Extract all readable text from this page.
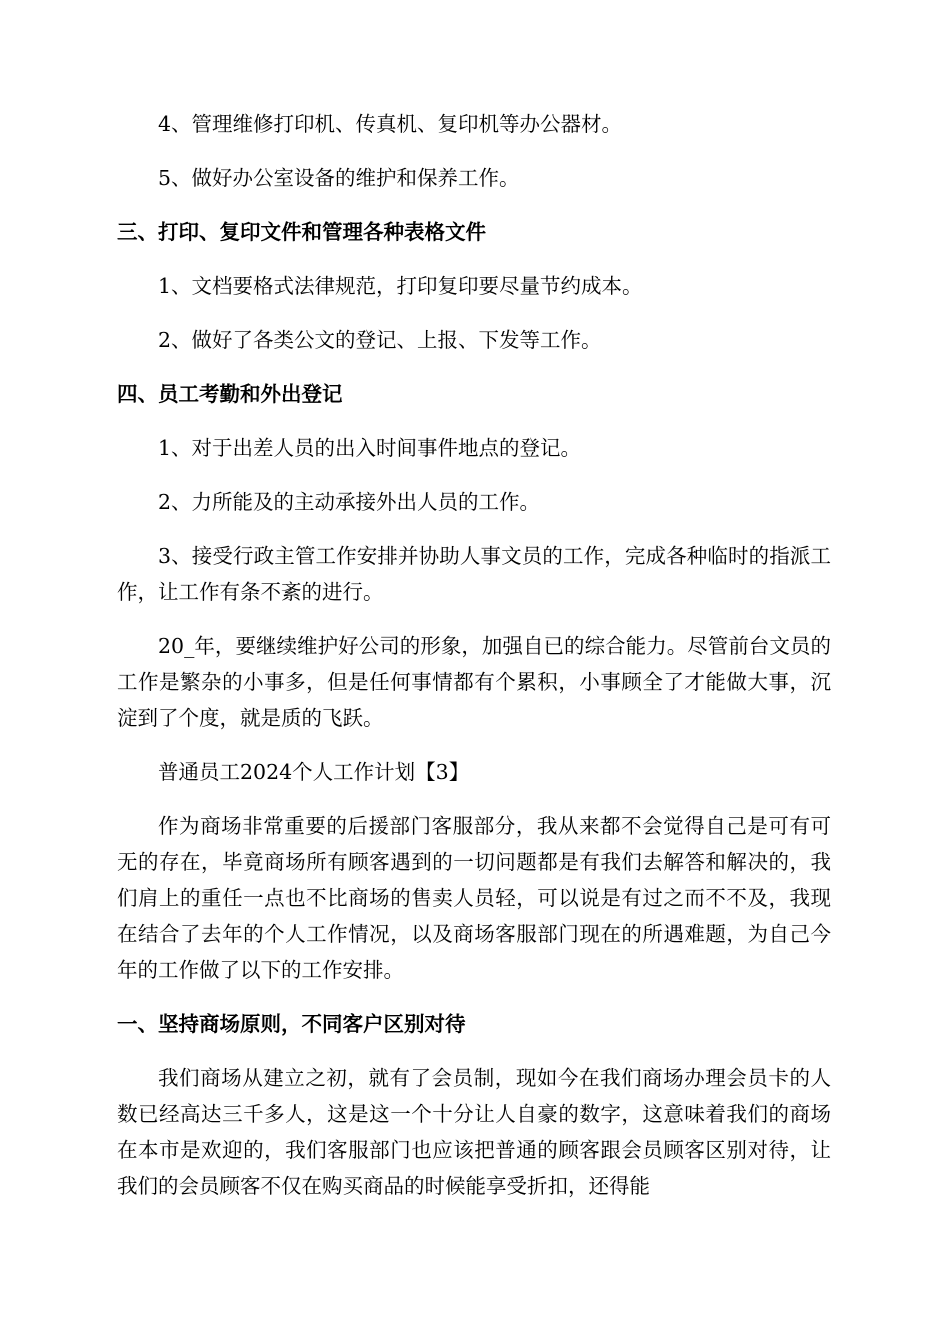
4、管理维修打印机、传真机、复印机等办公器材。

5、做好办公室设备的维护和保养工作。

三、打印、复印文件和管理各种表格文件

1、文档要格式法律规范，打印复印要尽量节约成本。

2、做好了各类公文的登记、上报、下发等工作。

四、员工考勤和外出登记

1、对于出差人员的出入时间事件地点的登记。

2、力所能及的主动承接外出人员的工作。

3、接受行政主管工作安排并协助人事文员的工作，完成各种临时的指派工作，让工作有条不紊的进行。

20_年，要继续维护好公司的形象，加强自已的综合能力。尽管前台文员的工作是繁杂的小事多，但是任何事情都有个累积，小事顾全了才能做大事，沉淀到了个度，就是质的飞跃。

普通员工2024个人工作计划【3】

作为商场非常重要的后援部门客服部分，我从来都不会觉得自己是可有可无的存在，毕竟商场所有顾客遇到的一切问题都是有我们去解答和解决的，我们肩上的重任一点也不比商场的售卖人员轻，可以说是有过之而不不及，我现在结合了去年的个人工作情况，以及商场客服部门现在的所遇难题，为自己今年的工作做了以下的工作安排。

一、坚持商场原则，不同客户区别对待

我们商场从建立之初，就有了会员制，现如今在我们商场办理会员卡的人数已经高达三千多人，这是这一个十分让人自豪的数字，这意味着我们的商场在本市是欢迎的，我们客服部门也应该把普通的顾客跟会员顾客区别对待，让我们的会员顾客不仅在购买商品的时候能享受折扣，还得能
